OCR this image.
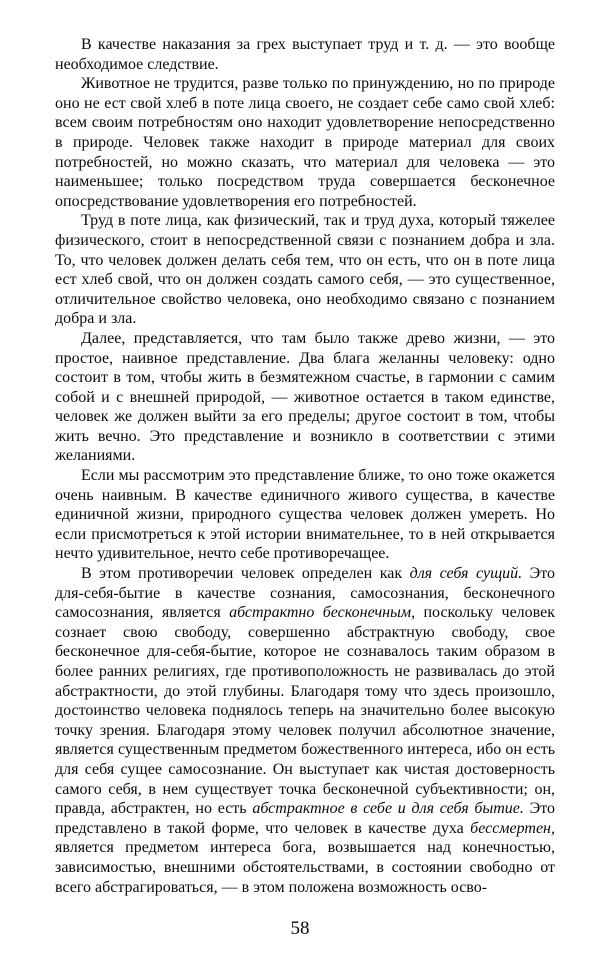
В качестве наказания за грех выступает труд и т. д. — это вообще необходимое следствие.

Животное не трудится, разве только по принуждению, но по природе оно не ест свой хлеб в поте лица своего, не создает себе само свой хлеб: всем своим потребностям оно находит удовлетворение непосредственно в природе. Человек также находит в природе материал для своих потребностей, но можно сказать, что материал для человека — это наименьшее; только посредством труда совершается бесконечное опосредствование удовлетворения его потребностей.

Труд в поте лица, как физический, так и труд духа, который тяжелее физического, стоит в непосредственной связи с познанием добра и зла. То, что человек должен делать себя тем, что он есть, что он в поте лица ест хлеб свой, что он должен создать самого себя, — это существенное, отличительное свойство человека, оно необходимо связано с познанием добра и зла.

Далее, представляется, что там было также древо жизни, — это простое, наивное представление. Два блага желанны человеку: одно состоит в том, чтобы жить в безмятежном счастье, в гармонии с самим собой и с внешней природой, — животное остается в таком единстве, человек же должен выйти за его пределы; другое состоит в том, чтобы жить вечно. Это представление и возникло в соответствии с этими желаниями.

Если мы рассмотрим это представление ближе, то оно тоже окажется очень наивным. В качестве единичного живого существа, в качестве единичной жизни, природного существа человек должен умереть. Но если присмотреться к этой истории внимательнее, то в ней открывается нечто удивительное, нечто себе противоречащее.

В этом противоречии человек определен как для себя сущий. Это для-себя-бытие в качестве сознания, самосознания, бесконечного самосознания, является абстрактно бесконечным, поскольку человек сознает свою свободу, совершенно абстрактную свободу, свое бесконечное для-себя-бытие, которое не сознавалось таким образом в более ранних религиях, где противоположность не развивалась до этой абстрактности, до этой глубины. Благодаря тому что здесь произошло, достоинство человека поднялось теперь на значительно более высокую точку зрения. Благодаря этому человек получил абсолютное значение, является существенным предметом божественного интереса, ибо он есть для себя сущее самосознание. Он выступает как чистая достоверность самого себя, в нем существует точка бесконечной субъективности; он, правда, абстрактен, но есть абстрактное в себе и для себя бытие. Это представлено в такой форме, что человек в качестве духа бессмертен, является предметом интереса бога, возвышается над конечностью, зависимостью, внешними обстоятельствами, в состоянии свободно от всего абстрагироваться, — в этом положена возможность осво-

58
